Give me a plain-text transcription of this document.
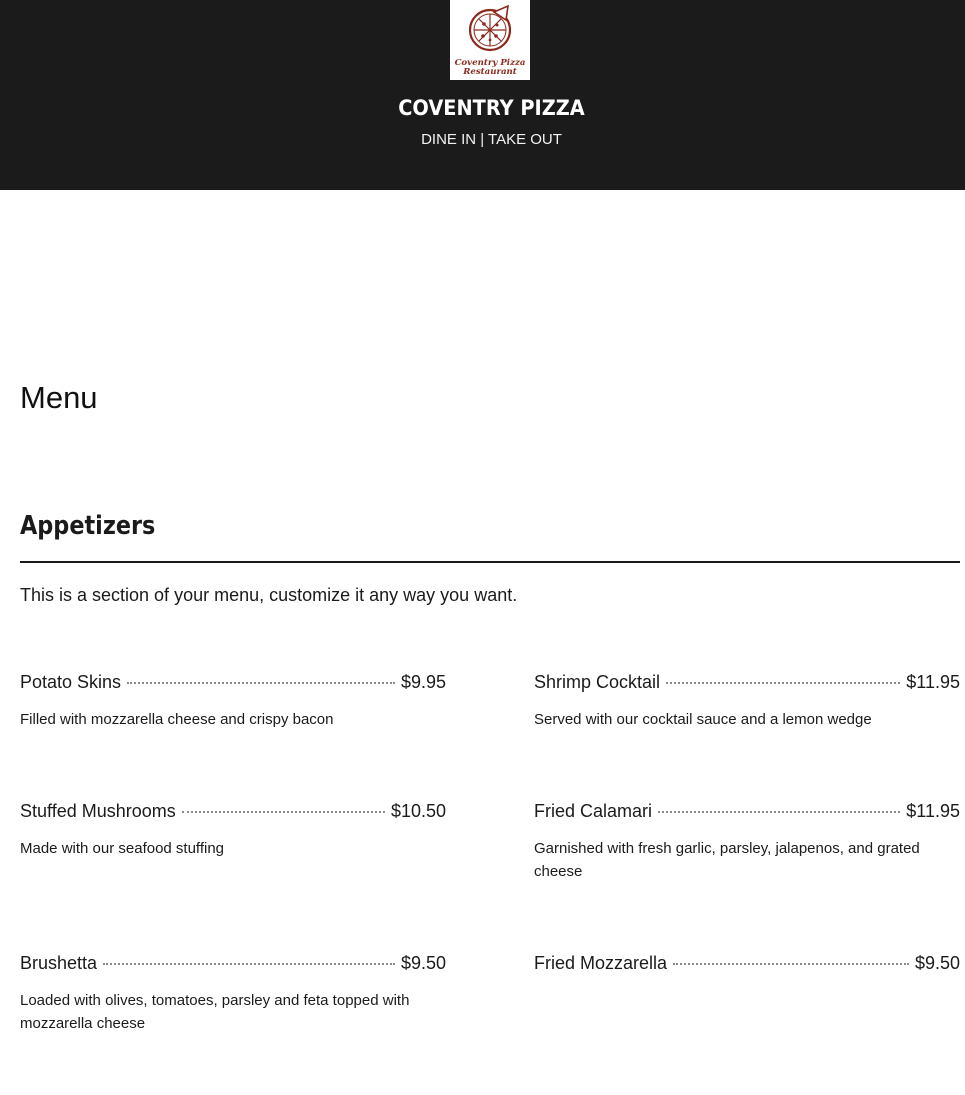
Coventry Pizza
Restaurant
COVENTRY PIZZA
DINE IN | TAKE OUT
Menu
Appetizers

This is a section of your menu, customize it any way you want.

Potato Skins	$9.95
Filled with mozzarella cheese and crispy bacon
Shrimp Cocktail	$11.95
Served with our cocktail sauce and a lemon wedge
Stuffed Mushrooms	$10.50
Made with our seafood stuffing
Fried Calamari	$11.95
Garnished with fresh garlic, parsley, jalapenos, and grated cheese
Brushetta	$9.50
Loaded with olives, tomatoes, parsley and feta topped with mozzarella cheese
Fried Mozzarella	$9.50
